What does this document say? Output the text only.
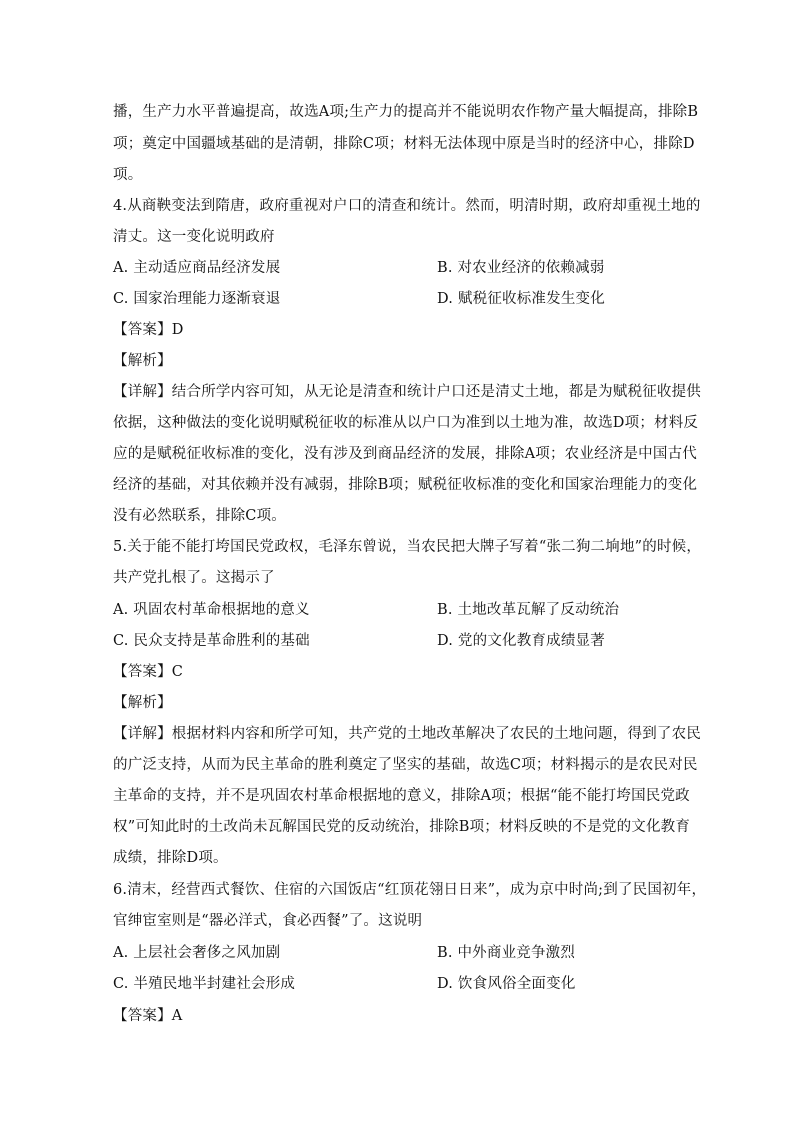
播，生产力水平普遍提高，故选A项;生产力的提高并不能说明农作物产量大幅提高，排除B
项；奠定中国疆域基础的是清朝，排除C项；材料无法体现中原是当时的经济中心，排除D
项。
4.从商鞅变法到隋唐，政府重视对户口的清查和统计。然而，明清时期，政府却重视土地的
清丈。这一变化说明政府
A. 主动适应商品经济发展	B. 对农业经济的依赖减弱
C. 国家治理能力逐渐衰退	D. 赋税征收标准发生变化
【答案】D
【解析】
【详解】结合所学内容可知，从无论是清查和统计户口还是清丈土地，都是为赋税征收提供
依据，这种做法的变化说明赋税征收的标准从以户口为准到以土地为准，故选D项；材料反
应的是赋税征收标准的变化，没有涉及到商品经济的发展，排除A项；农业经济是中国古代
经济的基础，对其依赖并没有减弱，排除B项；赋税征收标准的变化和国家治理能力的变化
没有必然联系，排除C项。
5.关于能不能打垮国民党政权，毛泽东曾说，当农民把大牌子写着“张二狗二垧地”的时候，
共产党扎根了。这揭示了
A. 巩固农村革命根据地的意义	B. 土地改革瓦解了反动统治
C. 民众支持是革命胜利的基础	D. 党的文化教育成绩显著
【答案】C
【解析】
【详解】根据材料内容和所学可知，共产党的土地改革解决了农民的土地问题，得到了农民
的广泛支持，从而为民主革命的胜利奠定了坚实的基础，故选C项；材料揭示的是农民对民
主革命的支持，并不是巩固农村革命根据地的意义，排除A项；根据“能不能打垮国民党政
权”可知此时的土改尚未瓦解国民党的反动统治，排除B项；材料反映的不是党的文化教育
成绩，排除D项。
6.清末，经营西式餐饮、住宿的六国饭店“红顶花翎日日来”，成为京中时尚;到了民国初年，
官绅宦室则是“器必洋式，食必西餐”了。这说明
A. 上层社会奢侈之风加剧	B. 中外商业竞争激烈
C. 半殖民地半封建社会形成	D. 饮食风俗全面变化
【答案】A
